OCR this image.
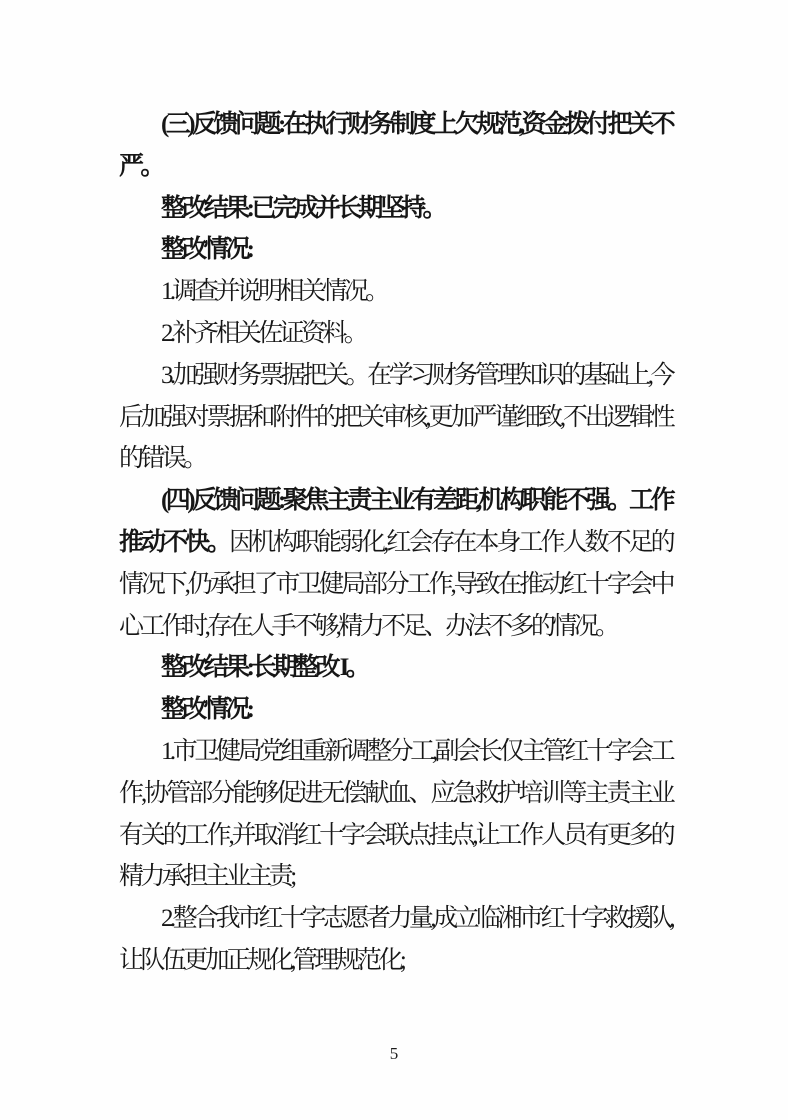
(三)反馈问题:在执行财务制度上欠规范,资金拨付把关不严。

整改结果:已完成并长期坚持。

整改情况:

1.调查并说明相关情况。

2.补齐相关佐证资料。

3.加强财务票据把关。在学习财务管理知识的基础上,今后加强对票据和附件的把关审核,更加严谨细致,不出逻辑性的错误。

(四)反馈问题:聚焦主责主业有差距,机构职能不强。工作推动不快。因机构职能弱化,红会存在本身工作人数不足的情况下,仍承担了市卫健局部分工作,导致在推动红十字会中心工作时,存在人手不够,精力不足、办法不多的情况。

整改结果:长期整改 I。

整改情况:

1.市卫健局党组重新调整分工,副会长仅主管红十字会工作,协管部分能够促进无偿献血、应急救护培训等主责主业有关的工作,并取消红十字会联点挂点,让工作人员有更多的精力承担主业主责;

2.整合我市红十字志愿者力量,成立临湘市红十字救援队,让队伍更加正规化,管理规范化;

5
